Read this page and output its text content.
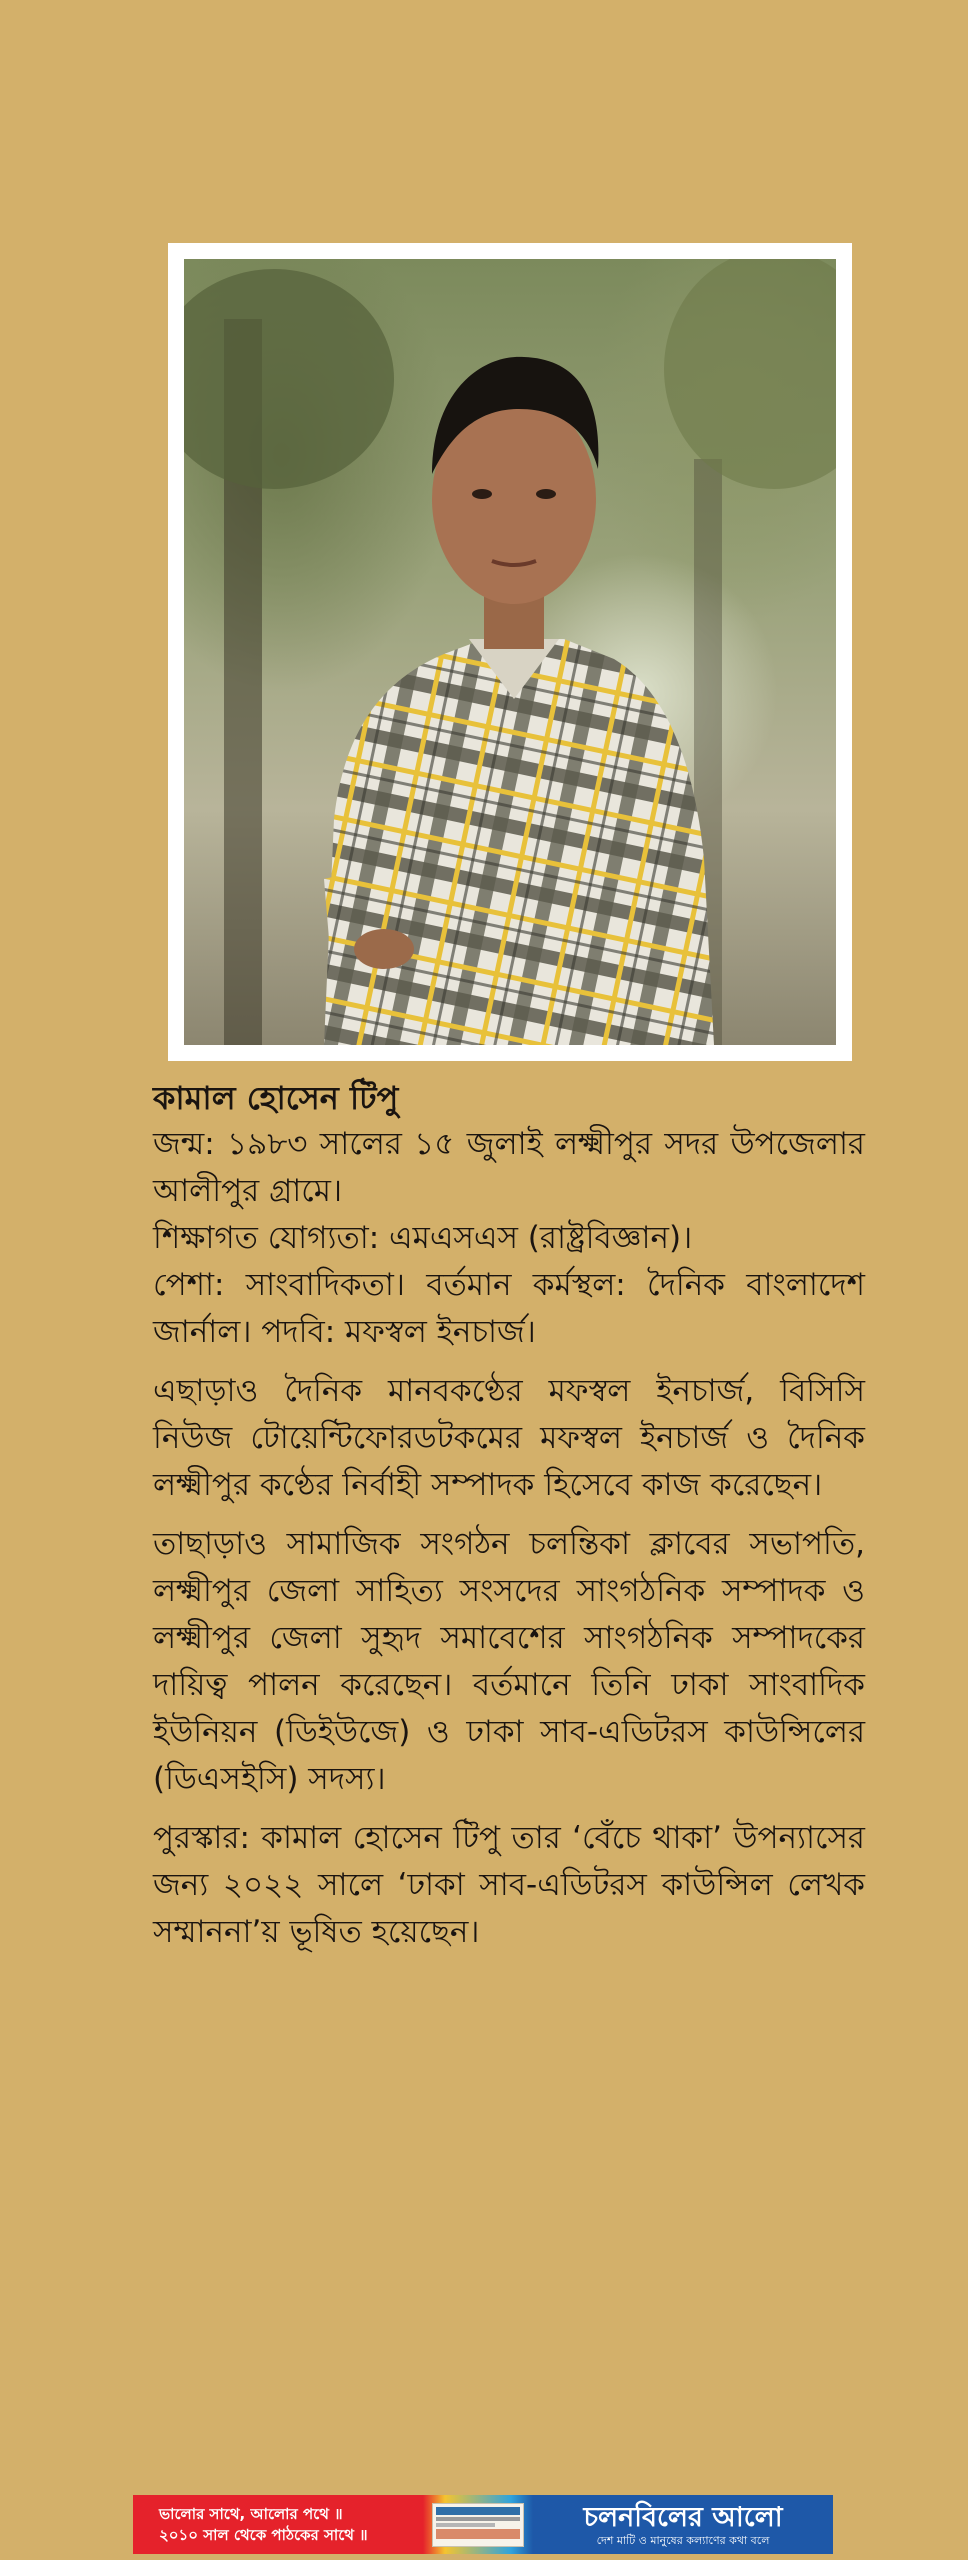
কামাল হোসেন টিপু

জন্ম: ১৯৮৩ সালের ১৫ জুলাই লক্ষ্মীপুর সদর উপজেলার আলীপুর গ্রামে।

শিক্ষাগত যোগ্যতা: এমএসএস (রাষ্ট্রবিজ্ঞান)।

পেশা: সাংবাদিকতা। বর্তমান কর্মস্থল: দৈনিক বাংলাদেশ জার্নাল। পদবি: মফস্বল ইনচার্জ।

এছাড়াও দৈনিক মানবকণ্ঠের মফস্বল ইনচার্জ, বিসিসি নিউজ টোয়েন্টিফোরডটকমের মফস্বল ইনচার্জ ও দৈনিক লক্ষ্মীপুর কণ্ঠের নির্বাহী সম্পাদক হিসেবে কাজ করেছেন।

তাছাড়াও সামাজিক সংগঠন চলন্তিকা ক্লাবের সভাপতি, লক্ষ্মীপুর জেলা সাহিত্য সংসদের সাংগঠনিক সম্পাদক ও লক্ষ্মীপুর জেলা সুহৃদ সমাবেশের সাংগঠনিক সম্পাদকের দায়িত্ব পালন করেছেন। বর্তমানে তিনি ঢাকা সাংবাদিক ইউনিয়ন (ডিইউজে) ও ঢাকা সাব-এডিটরস কাউন্সিলের (ডিএসইসি) সদস্য।

পুরস্কার: কামাল হোসেন টিপু তার ‘বেঁচে থাকা’ উপন্যাসের জন্য ২০২২ সালে ‘ঢাকা সাব-এডিটরস কাউন্সিল লেখক সম্মাননা’য় ভূষিত হয়েছেন।

ভালোর সাথে, আলোর পথে ॥
২০১০ সাল থেকে পাঠকের সাথে ॥
চলনবিলের আলো
দেশ মাটি ও মানুষের কল্যাণের কথা বলে
